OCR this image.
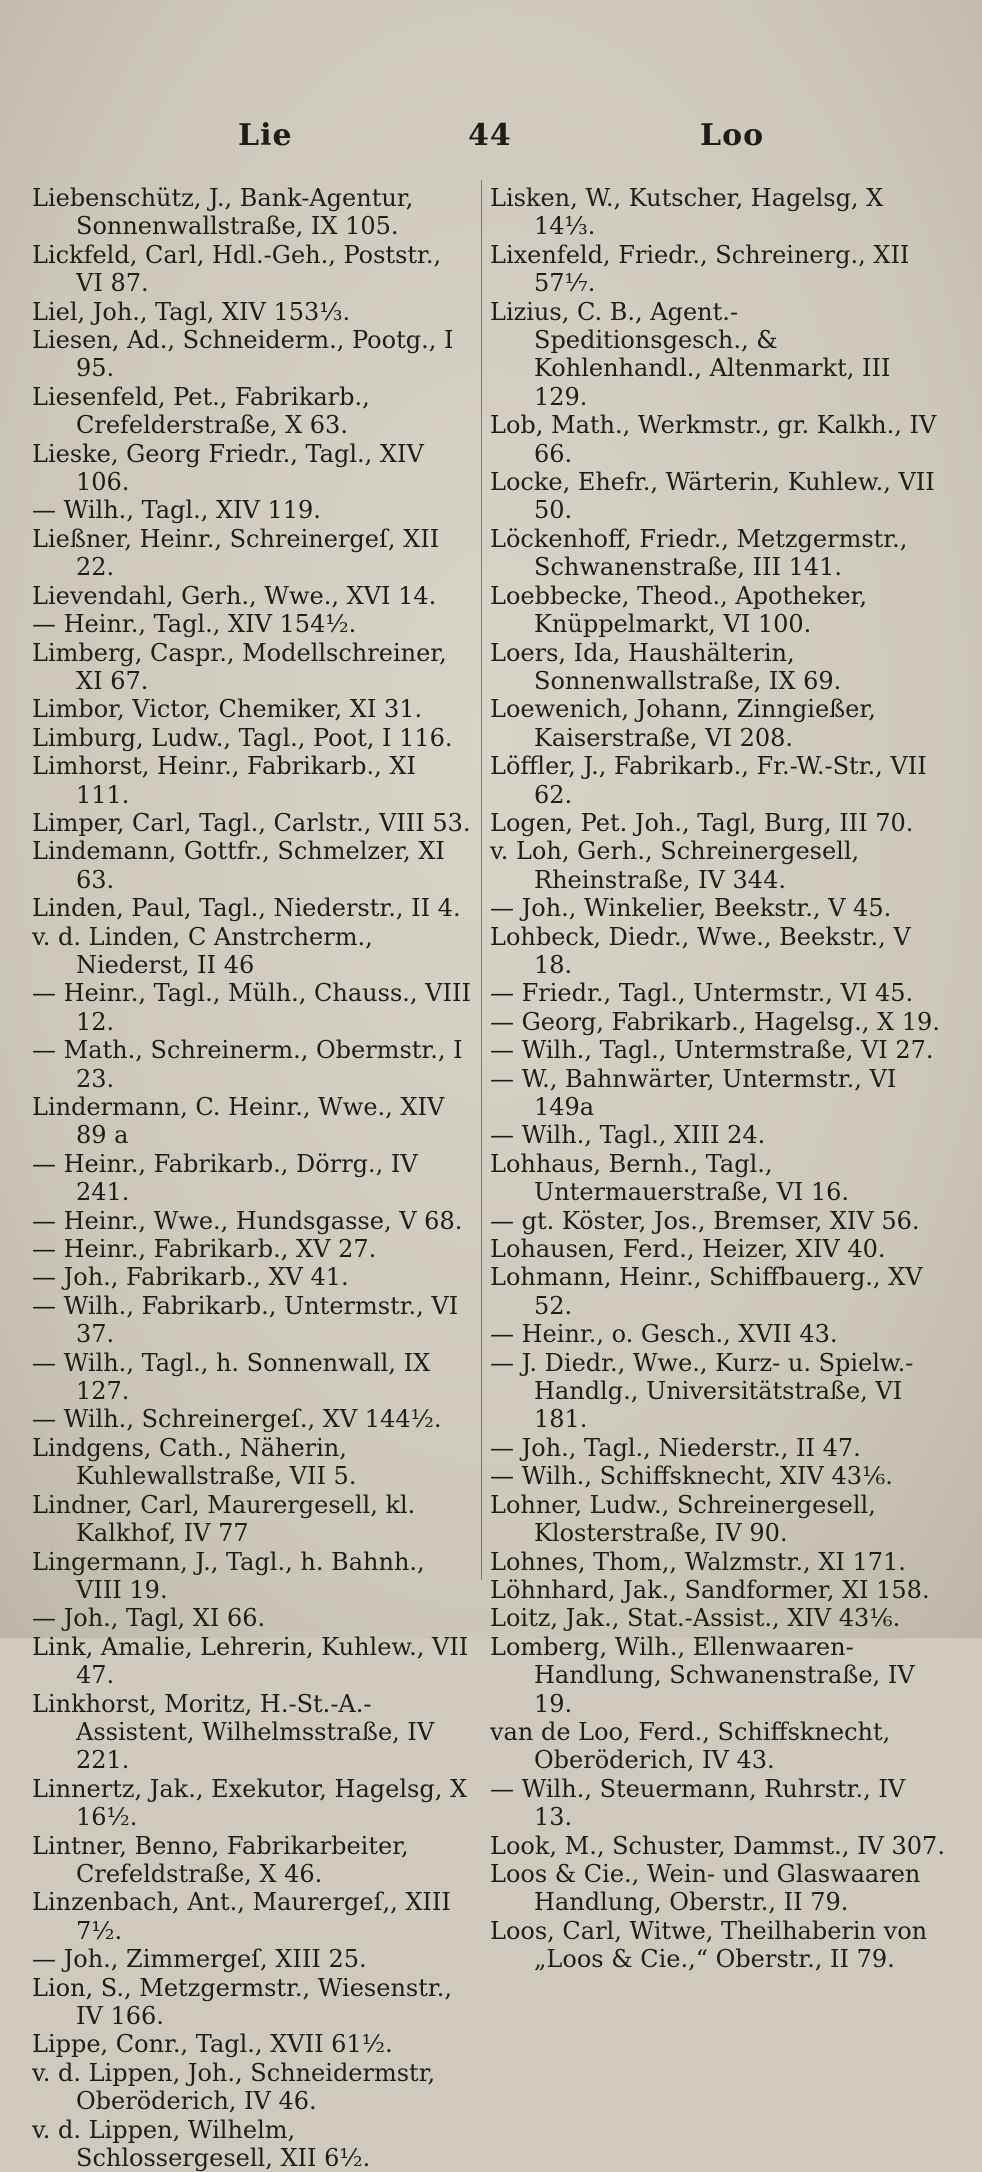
Lie	44	Loo
Liebenschütz, J., Bank-Agentur, Sonnenwallstraße, IX 105.
Lickfeld, Carl, Hdl.-Geh., Poststr., VI 87.
Liel, Joh., Tagl, XIV 153⅓.
Liesen, Ad., Schneiderm., Pootg., I 95.
Liesenfeld, Pet., Fabrikarb., Crefelderstraße, X 63.
Lieske, Georg Friedr., Tagl., XIV 106.
— Wilh., Tagl., XIV 119.
Ließner, Heinr., Schreinergeſ, XII 22.
Lievendahl, Gerh., Wwe., XVI 14.
— Heinr., Tagl., XIV 154½.
Limberg, Caspr., Modellschreiner, XI 67.
Limbor, Victor, Chemiker, XI 31.
Limburg, Ludw., Tagl., Poot, I 116.
Limhorst, Heinr., Fabrikarb., XI 111.
Limper, Carl, Tagl., Carlstr., VIII 53.
Lindemann, Gottfr., Schmelzer, XI 63.
Linden, Paul, Tagl., Niederstr., II 4.
v. d. Linden, C Anstrcherm., Niederst, II 46
— Heinr., Tagl., Mülh., Chauss., VIII 12.
— Math., Schreinerm., Obermstr., I 23.
Lindermann, C. Heinr., Wwe., XIV 89 a
— Heinr., Fabrikarb., Dörrg., IV 241.
— Heinr., Wwe., Hundsgasse, V 68.
— Heinr., Fabrikarb., XV 27.
— Joh., Fabrikarb., XV 41.
— Wilh., Fabrikarb., Untermstr., VI 37.
— Wilh., Tagl., h. Sonnenwall, IX 127.
— Wilh., Schreinergeſ., XV 144½.
Lindgens, Cath., Näherin, Kuhlewallstraße, VII 5.
Lindner, Carl, Maurergesell, kl. Kalkhof, IV 77
Lingermann, J., Tagl., h. Bahnh., VIII 19.
— Joh., Tagl, XI 66.
Link, Amalie, Lehrerin, Kuhlew., VII 47.
Linkhorst, Moritz, H.-St.-A.-Assistent, Wilhelmsstraße, IV 221.
Linnertz, Jak., Exekutor, Hagelsg, X 16½.
Lintner, Benno, Fabrikarbeiter, Crefeldstraße, X 46.
Linzenbach, Ant., Maurergeſ,, XIII 7½.
— Joh., Zimmergeſ, XIII 25.
Lion, S., Metzgermstr., Wiesenstr., IV 166.
Lippe, Conr., Tagl., XVII 61½.
v. d. Lippen, Joh., Schneidermstr, Oberöderich, IV 46.
v. d. Lippen, Wilhelm, Schlossergesell, XII 6½.
Lisken, W., Kutscher, Hagelsg, X 14⅓.
Lixenfeld, Friedr., Schreinerg., XII 57⅐.
Lizius, C. B., Agent.-Speditionsgesch., & Kohlenhandl., Altenmarkt, III 129.
Lob, Math., Werkmstr., gr. Kalkh., IV 66.
Locke, Ehefr., Wärterin, Kuhlew., VII 50.
Löckenhoff, Friedr., Metzgermstr., Schwanenstraße, III 141.
Loebbecke, Theod., Apotheker, Knüppelmarkt, VI 100.
Loers, Ida, Haushälterin, Sonnenwallstraße, IX 69.
Loewenich, Johann, Zinngießer, Kaiserstraße, VI 208.
Löffler, J., Fabrikarb., Fr.-W.-Str., VII 62.
Logen, Pet. Joh., Tagl, Burg, III 70.
v. Loh, Gerh., Schreinergesell, Rheinstraße, IV 344.
— Joh., Winkelier, Beekstr., V 45.
Lohbeck, Diedr., Wwe., Beekstr., V 18.
— Friedr., Tagl., Untermstr., VI 45.
— Georg, Fabrikarb., Hagelsg., X 19.
— Wilh., Tagl., Untermstraße, VI 27.
— W., Bahnwärter, Untermstr., VI 149a
— Wilh., Tagl., XIII 24.
Lohhaus, Bernh., Tagl., Untermauerstraße, VI 16.
— gt. Köster, Jos., Bremser, XIV 56.
Lohausen, Ferd., Heizer, XIV 40.
Lohmann, Heinr., Schiffbauerg., XV 52.
— Heinr., o. Gesch., XVII 43.
— J. Diedr., Wwe., Kurz- u. Spielw.-Handlg., Universitätstraße, VI 181.
— Joh., Tagl., Niederstr., II 47.
— Wilh., Schiffsknecht, XIV 43⅙.
Lohner, Ludw., Schreinergesell, Klosterstraße, IV 90.
Lohnes, Thom,, Walzmstr., XI 171.
Löhnhard, Jak., Sandformer, XI 158.
Loitz, Jak., Stat.-Assist., XIV 43⅙.
Lomberg, Wilh., Ellenwaaren-Handlung, Schwanenstraße, IV 19.
van de Loo, Ferd., Schiffsknecht, Oberöderich, IV 43.
— Wilh., Steuermann, Ruhrstr., IV 13.
Look, M., Schuster, Dammst., IV 307.
Loos & Cie., Wein- und Glaswaaren Handlung, Oberstr., II 79.
Loos, Carl, Witwe, Theilhaberin von „Loos & Cie.,“ Oberstr., II 79.
